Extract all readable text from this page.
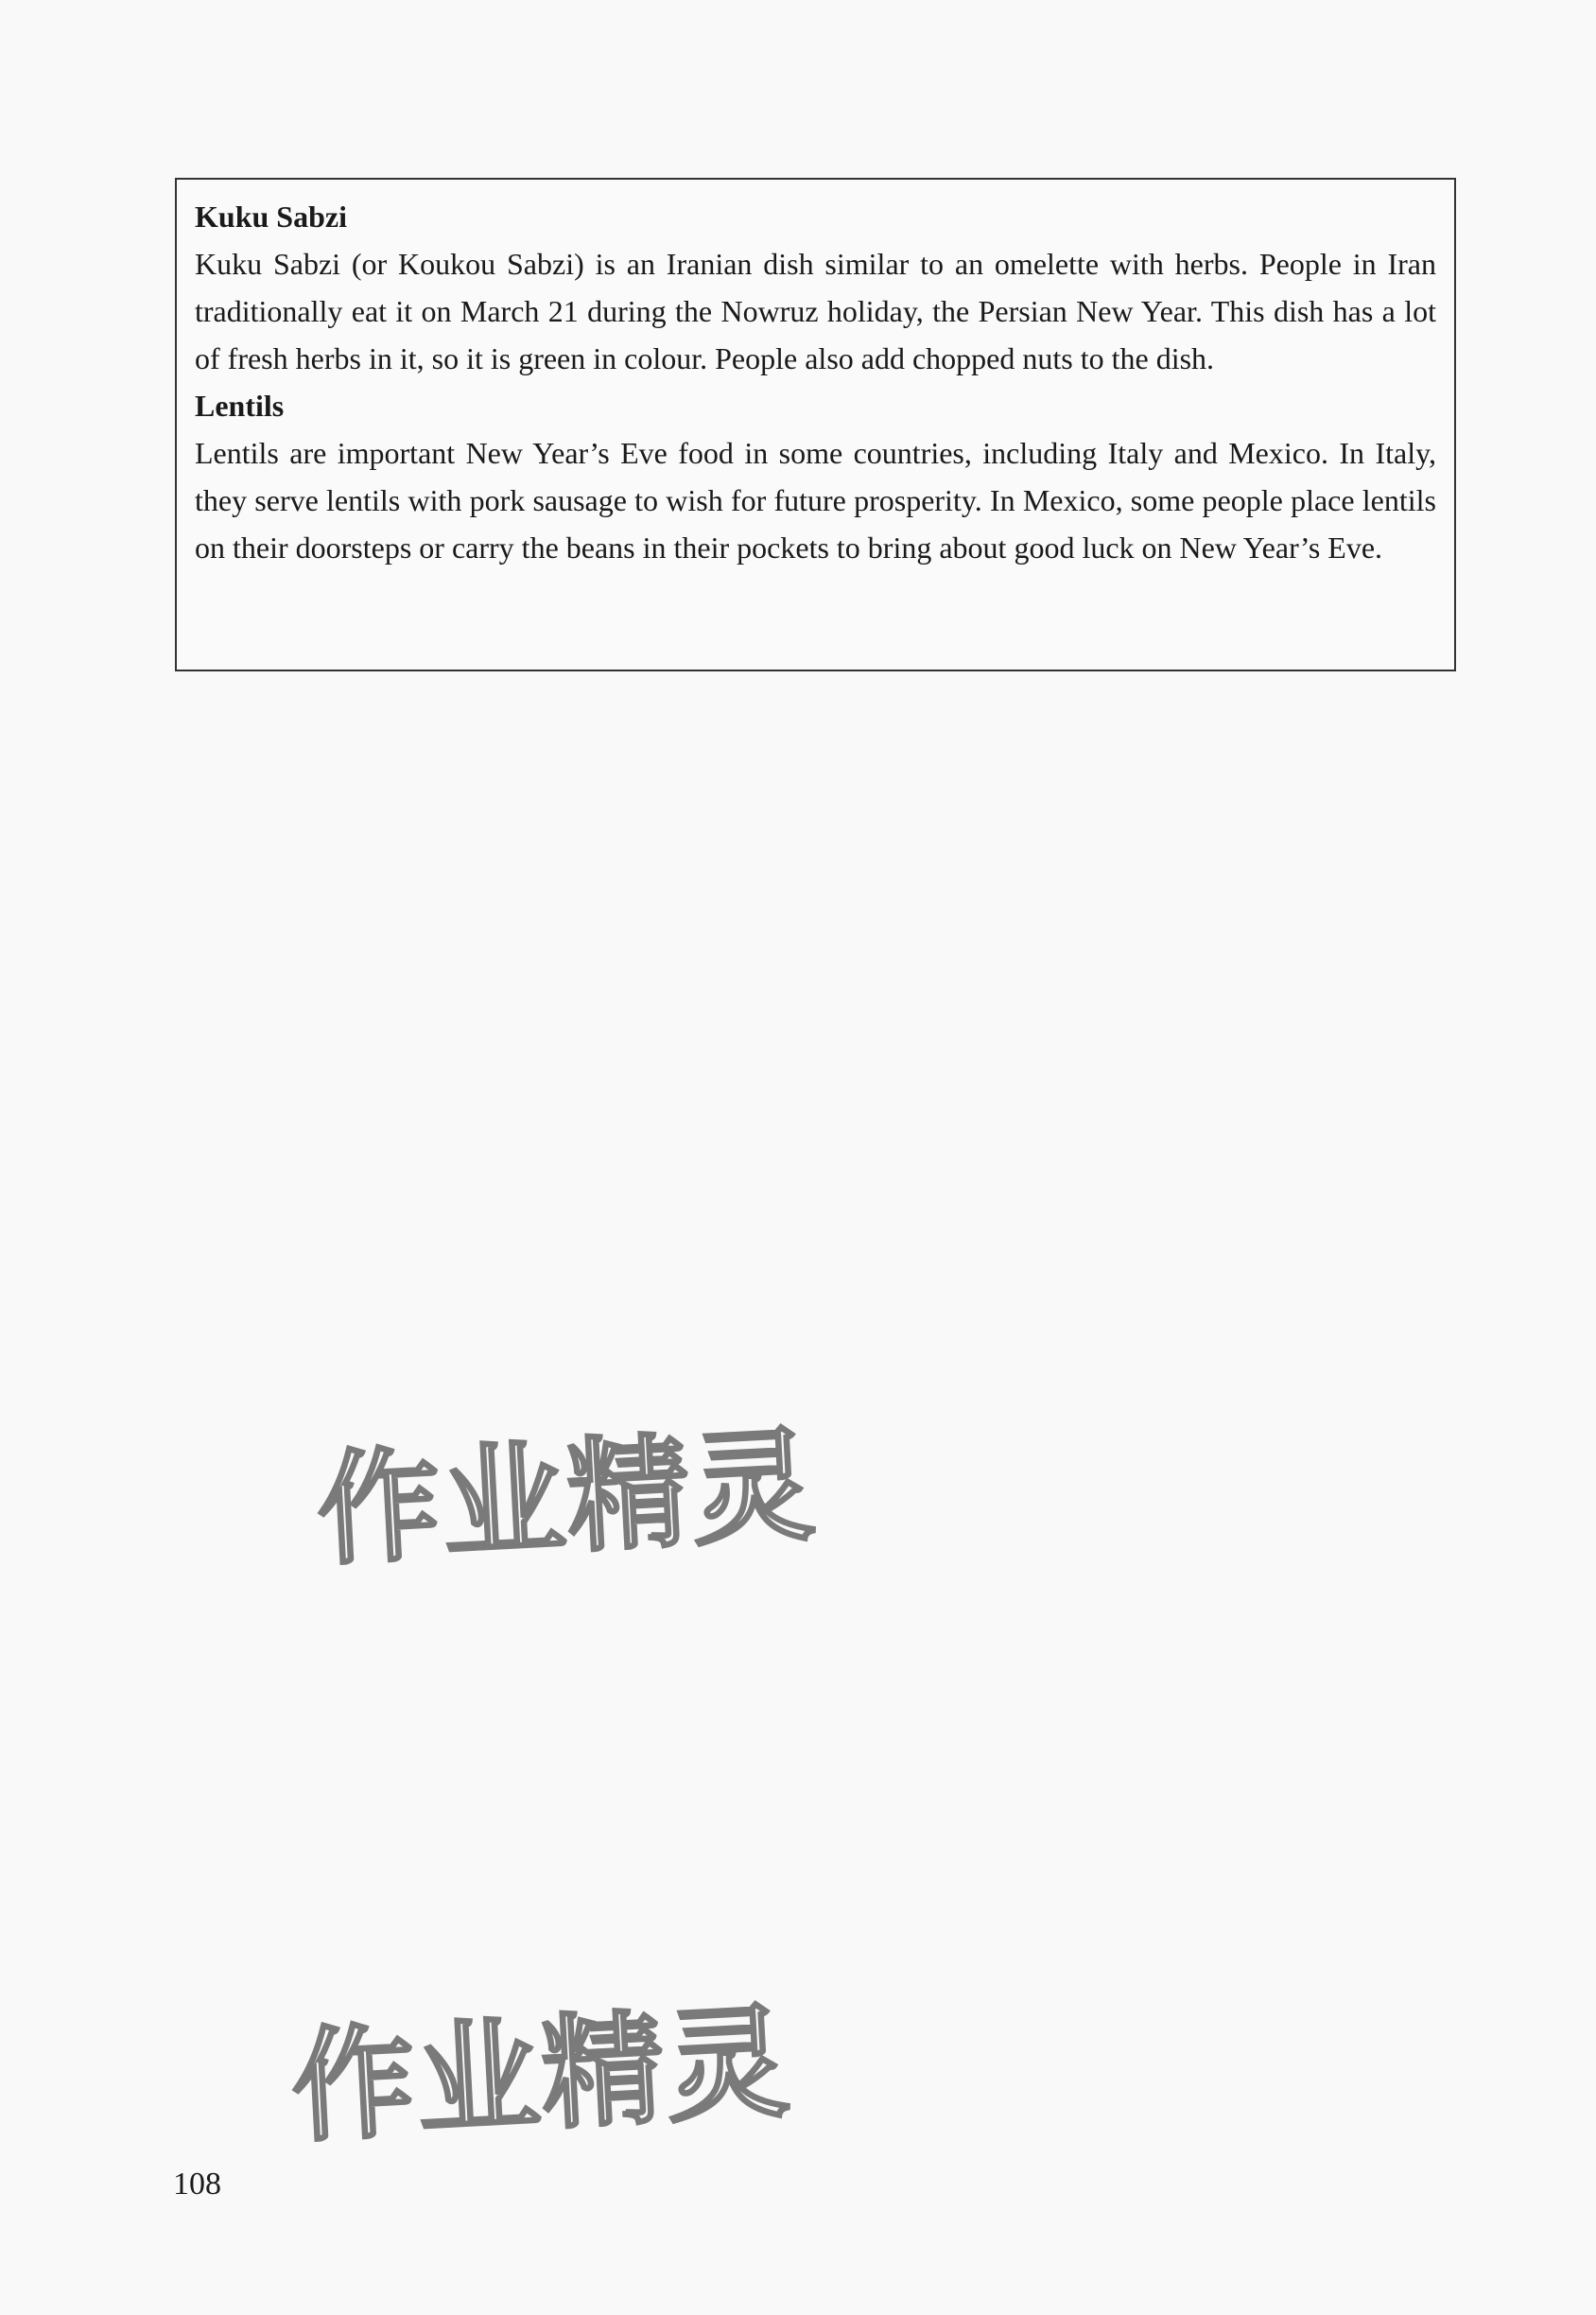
Kuku Sabzi

Kuku Sabzi (or Koukou Sabzi) is an Iranian dish similar to an omelette with herbs. People in Iran traditionally eat it on March 21 during the Nowruz holiday, the Persian New Year. This dish has a lot of fresh herbs in it, so it is green in colour. People also add chopped nuts to the dish.

Lentils

Lentils are important New Year’s Eve food in some countries, including Italy and Mexico. In Italy, they serve lentils with pork sausage to wish for future prosperity. In Mexico, some people place lentils on their doorsteps or carry the beans in their pockets to bring about good luck on New Year’s Eve.

作业精灵
作业精灵
108
